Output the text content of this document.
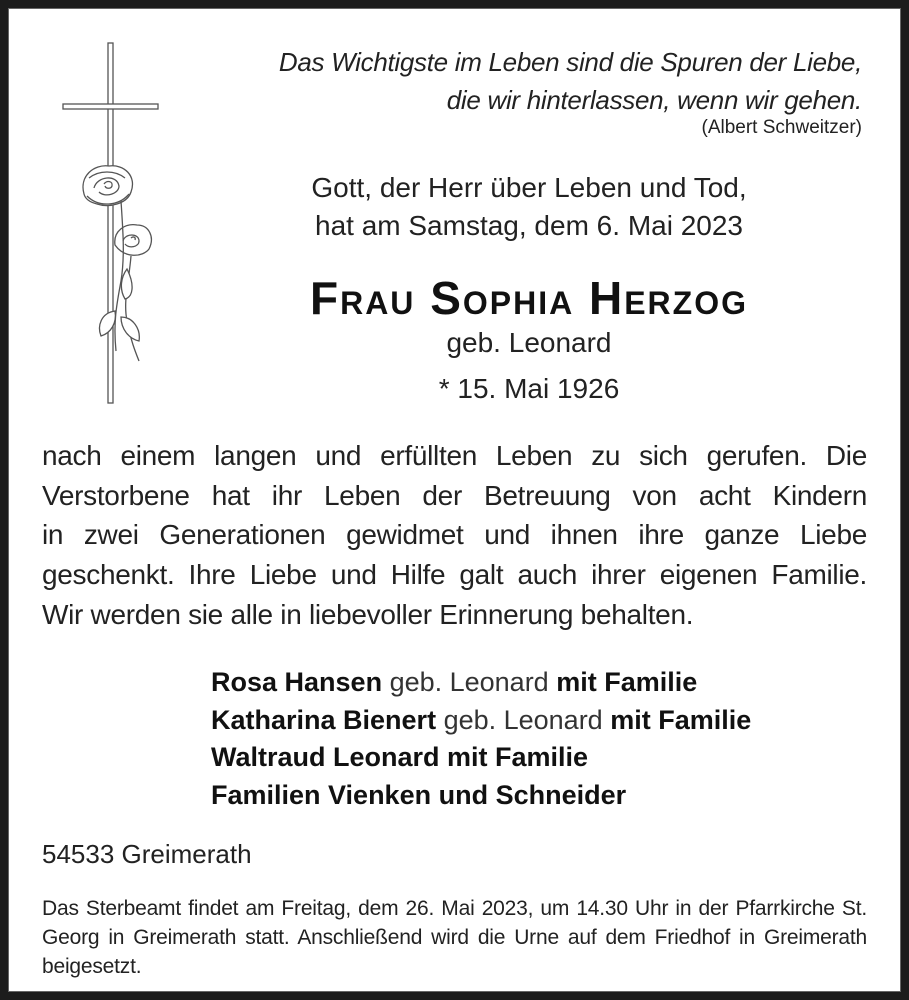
Das Wichtigste im Leben sind die Spuren der Liebe,
die wir hinterlassen, wenn wir gehen.
(Albert Schweitzer)
Gott, der Herr über Leben und Tod,
hat am Samstag, dem 6. Mai 2023
Frau Sophia Herzog
geb. Leonard
* 15. Mai 1926
nach einem langen und erfüllten Leben zu sich gerufen. Die
Verstorbene hat ihr Leben der Betreuung von acht Kindern
in zwei Generationen gewidmet und ihnen ihre ganze Liebe
geschenkt. Ihre Liebe und Hilfe galt auch ihrer eigenen Familie.
Wir werden sie alle in liebevoller Erinnerung behalten.
Rosa Hansen geb. Leonard mit Familie
Katharina Bienert geb. Leonard mit Familie
Waltraud Leonard mit Familie
Familien Vienken und Schneider
54533 Greimerath
Das Sterbeamt findet am Freitag, dem 26. Mai 2023, um 14.30 Uhr in der Pfarrkirche St. Georg in Greimerath statt. Anschließend wird die Urne auf dem Friedhof in Greimerath beigesetzt.
